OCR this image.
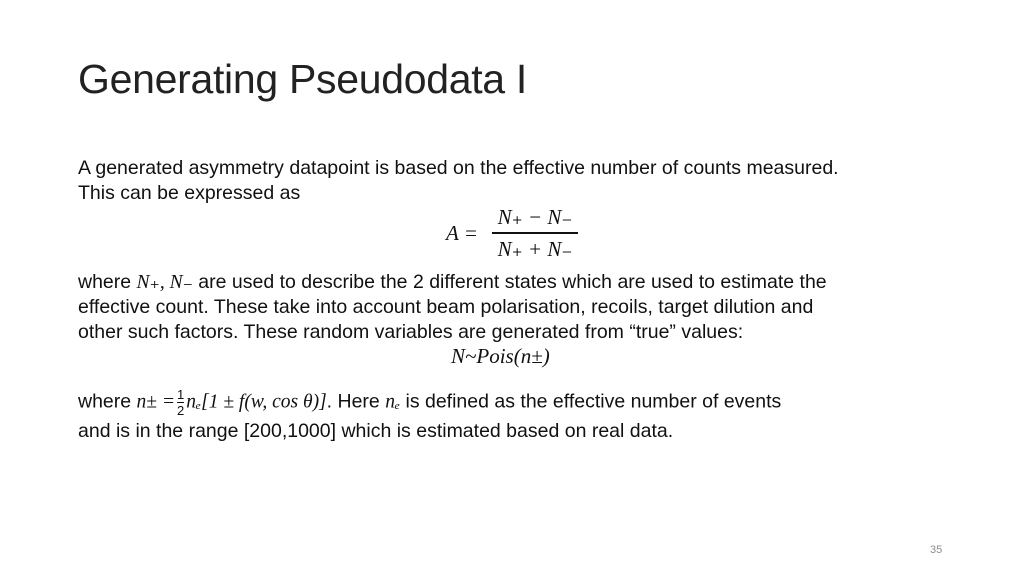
Generating Pseudodata I

A generated asymmetry datapoint is based on the effective number of counts measured.

This can be expressed as

A =
N₊ − N₋
N₊ + N₋

where N₊, N₋ are used to describe the 2 different states which are used to estimate the

effective count. These take into account beam polarisation, recoils, target dilution and

other such factors. These random variables are generated from “true” values:

N~Pois(n±)

where $n\pm = \frac{1}{2} n_e[1 \pm f(w$, cos θ)]. Here nₑ is defined as the effective number of events

and is in the range [200,1000] which is estimated based on real data.

35
